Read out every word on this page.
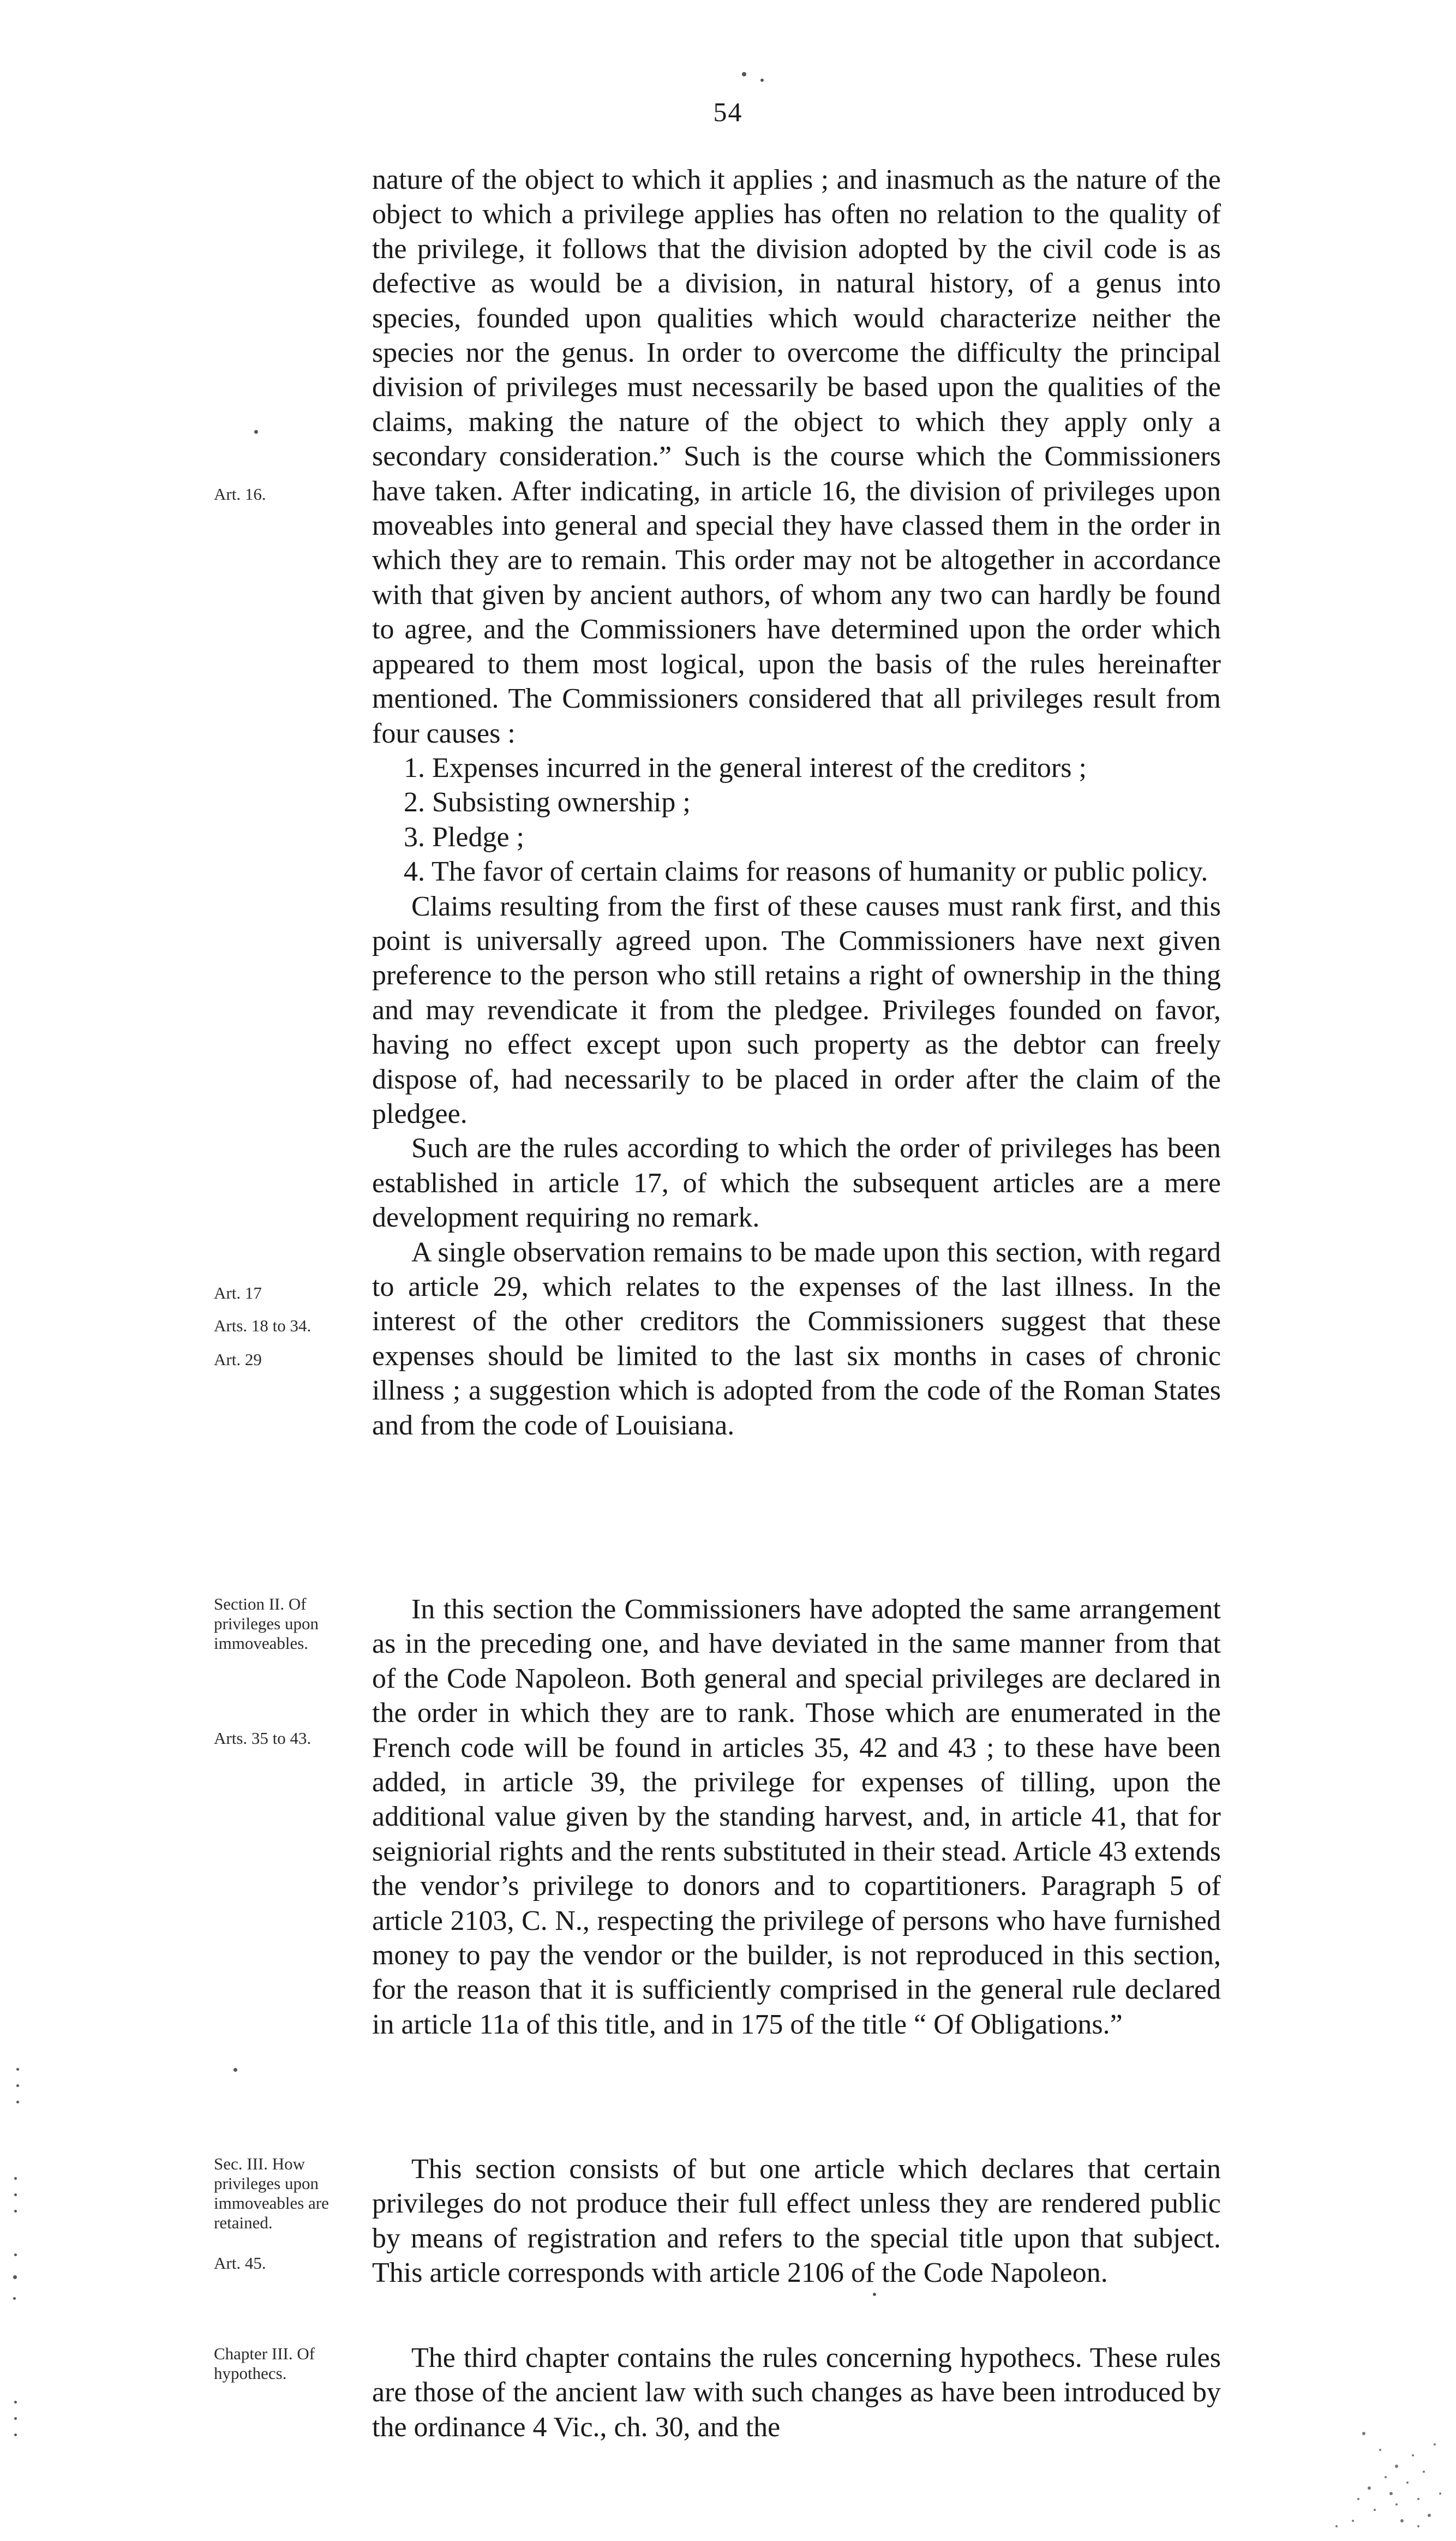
54

nature of the object to which it applies ; and inasmuch as the nature of the object to which a privilege applies has often no relation to the quality of the privilege, it follows that the division adopted by the civil code is as defective as would be a division, in natural history, of a genus into species, founded upon qualities which would characterize neither the species nor the genus. In order to overcome the difficulty the principal division of privileges must necessarily be based upon the qualities of the claims, making the nature of the object to which they apply only a secondary consideration.” Such is the course which the Commissioners have taken. After indicating, in article 16, the division of privileges upon moveables into general and special they have classed them in the order in which they are to remain. This order may not be altogether in accordance with that given by ancient authors, of whom any two can hardly be found to agree, and the Commissioners have determined upon the order which appeared to them most logical, upon the basis of the rules hereinafter mentioned. The Commissioners considered that all privileges result from four causes :

1. Expenses incurred in the general interest of the creditors ;

2. Subsisting ownership ;

3. Pledge ;

4. The favor of certain claims for reasons of humanity or public policy.

Claims resulting from the first of these causes must rank first, and this point is universally agreed upon. The Commissioners have next given preference to the person who still retains a right of ownership in the thing and may revendicate it from the pledgee. Privileges founded on favor, having no effect except upon such property as the debtor can freely dispose of, had necessarily to be placed in order after the claim of the pledgee.

Such are the rules according to which the order of privileges has been established in article 17, of which the subsequent articles are a mere development requiring no remark.

A single observation remains to be made upon this section, with regard to article 29, which relates to the expenses of the last illness. In the interest of the other creditors the Commissioners suggest that these expenses should be limited to the last six months in cases of chronic illness ; a suggestion which is adopted from the code of the Roman States and from the code of Louisiana.

In this section the Commissioners have adopted the same arrangement as in the preceding one, and have deviated in the same manner from that of the Code Napoleon. Both general and special privileges are declared in the order in which they are to rank. Those which are enumerated in the French code will be found in articles 35, 42 and 43 ; to these have been added, in article 39, the privilege for expenses of tilling, upon the additional value given by the standing harvest, and, in article 41, that for seigniorial rights and the rents substituted in their stead. Article 43 extends the vendor’s privilege to donors and to copartitioners. Paragraph 5 of article 2103, C. N., respecting the privilege of persons who have furnished money to pay the vendor or the builder, is not reproduced in this section, for the reason that it is sufficiently comprised in the general rule declared in article 11a of this title, and in 175 of the title “ Of Obligations.”

This section consists of but one article which declares that certain privileges do not produce their full effect unless they are rendered public by means of registration and refers to the special title upon that subject. This article corresponds with article 2106 of the Code Napoleon.

The third chapter contains the rules concerning hypothecs. These rules are those of the ancient law with such changes as have been introduced by the ordinance 4 Vic., ch. 30, and the

Art. 16.
Art. 17
Arts. 18 to 34.
Art. 29
Section II. Of privileges upon immoveables.
Arts. 35 to 43.
Sec. III. How privileges upon immoveables are retained.
Art. 45.
Chapter III. Of hypothecs.
